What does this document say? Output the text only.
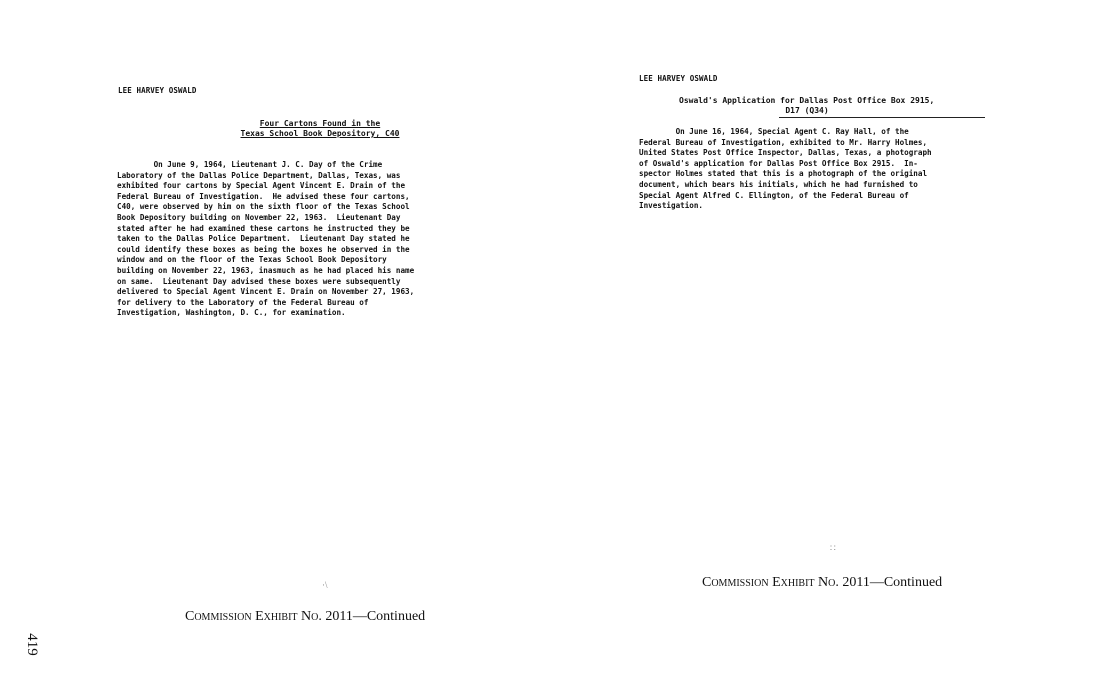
LEE HARVEY OSWALD
Four Cartons Found in the
Texas School Book Depository, C40
On June 9, 1964, Lieutenant J. C. Day of the Crime
Laboratory of the Dallas Police Department, Dallas, Texas, was
exhibited four cartons by Special Agent Vincent E. Drain of the
Federal Bureau of Investigation.  He advised these four cartons,
C40, were observed by him on the sixth floor of the Texas School
Book Depository building on November 22, 1963.  Lieutenant Day
stated after he had examined these cartons he instructed they be
taken to the Dallas Police Department.  Lieutenant Day stated he
could identify these boxes as being the boxes he observed in the
window and on the floor of the Texas School Book Depository
building on November 22, 1963, inasmuch as he had placed his name
on same.  Lieutenant Day advised these boxes were subsequently
delivered to Special Agent Vincent E. Drain on November 27, 1963,
for delivery to the Laboratory of the Federal Bureau of
Investigation, Washington, D. C., for examination.
·\
Commission Exhibit No. 2011—Continued
419
LEE HARVEY OSWALD
Oswald's Application for Dallas Post Office Box 2915,
D17 (Q34)
On June 16, 1964, Special Agent C. Ray Hall, of the
Federal Bureau of Investigation, exhibited to Mr. Harry Holmes,
United States Post Office Inspector, Dallas, Texas, a photograph
of Oswald's application for Dallas Post Office Box 2915.  In-
spector Holmes stated that this is a photograph of the original
document, which bears his initials, which he had furnished to
Special Agent Alfred C. Ellington, of the Federal Bureau of
Investigation.
∷
Commission Exhibit No. 2011—Continued
